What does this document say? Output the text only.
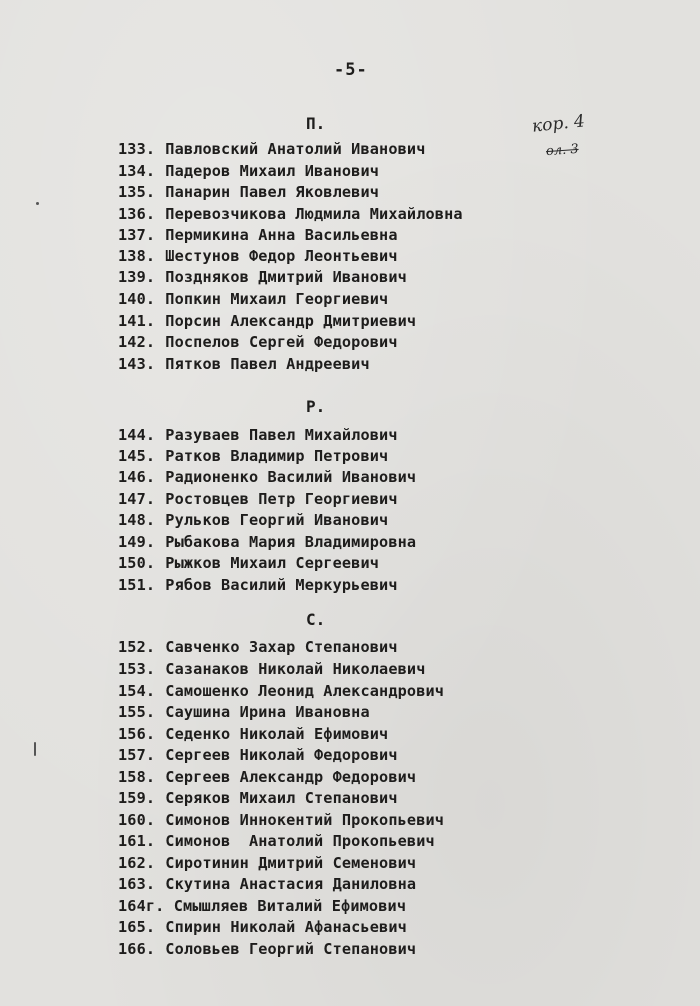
-5-
кор. 4
ол. 3
П.
133. Павловский Анатолий Иванович
134. Падеров Михаил Иванович
135. Панарин Павел Яковлевич
136. Перевозчикова Людмила Михайловна
137. Пермикина Анна Васильевна
138. Шестунов Федор Леонтьевич
139. Поздняков Дмитрий Иванович
140. Попкин Михаил Георгиевич
141. Порсин Александр Дмитриевич
142. Поспелов Сергей Федорович
143. Пятков Павел Андреевич
Р.
144. Разуваев Павел Михайлович
145. Ратков Владимир Петрович
146. Радионенко Василий Иванович
147. Ростовцев Петр Георгиевич
148. Рульков Георгий Иванович
149. Рыбакова Мария Владимировна
150. Рыжков Михаил Сергеевич
151. Рябов Василий Меркурьевич
С.
152. Савченко Захар Степанович
153. Сазанаков Николай Николаевич
154. Самошенко Леонид Александрович
155. Саушина Ирина Ивановна
156. Седенко Николай Ефимович
157. Сергеев Николай Федорович
158. Сергеев Александр Федорович
159. Серяков Михаил Степанович
160. Симонов Иннокентий Прокопьевич
161. Симонов  Анатолий Прокопьевич
162. Сиротинин Дмитрий Семенович
163. Скутина Анастасия Даниловна
164г. Смышляев Виталий Ефимович
165. Спирин Николай Афанасьевич
166. Соловьев Георгий Степанович
